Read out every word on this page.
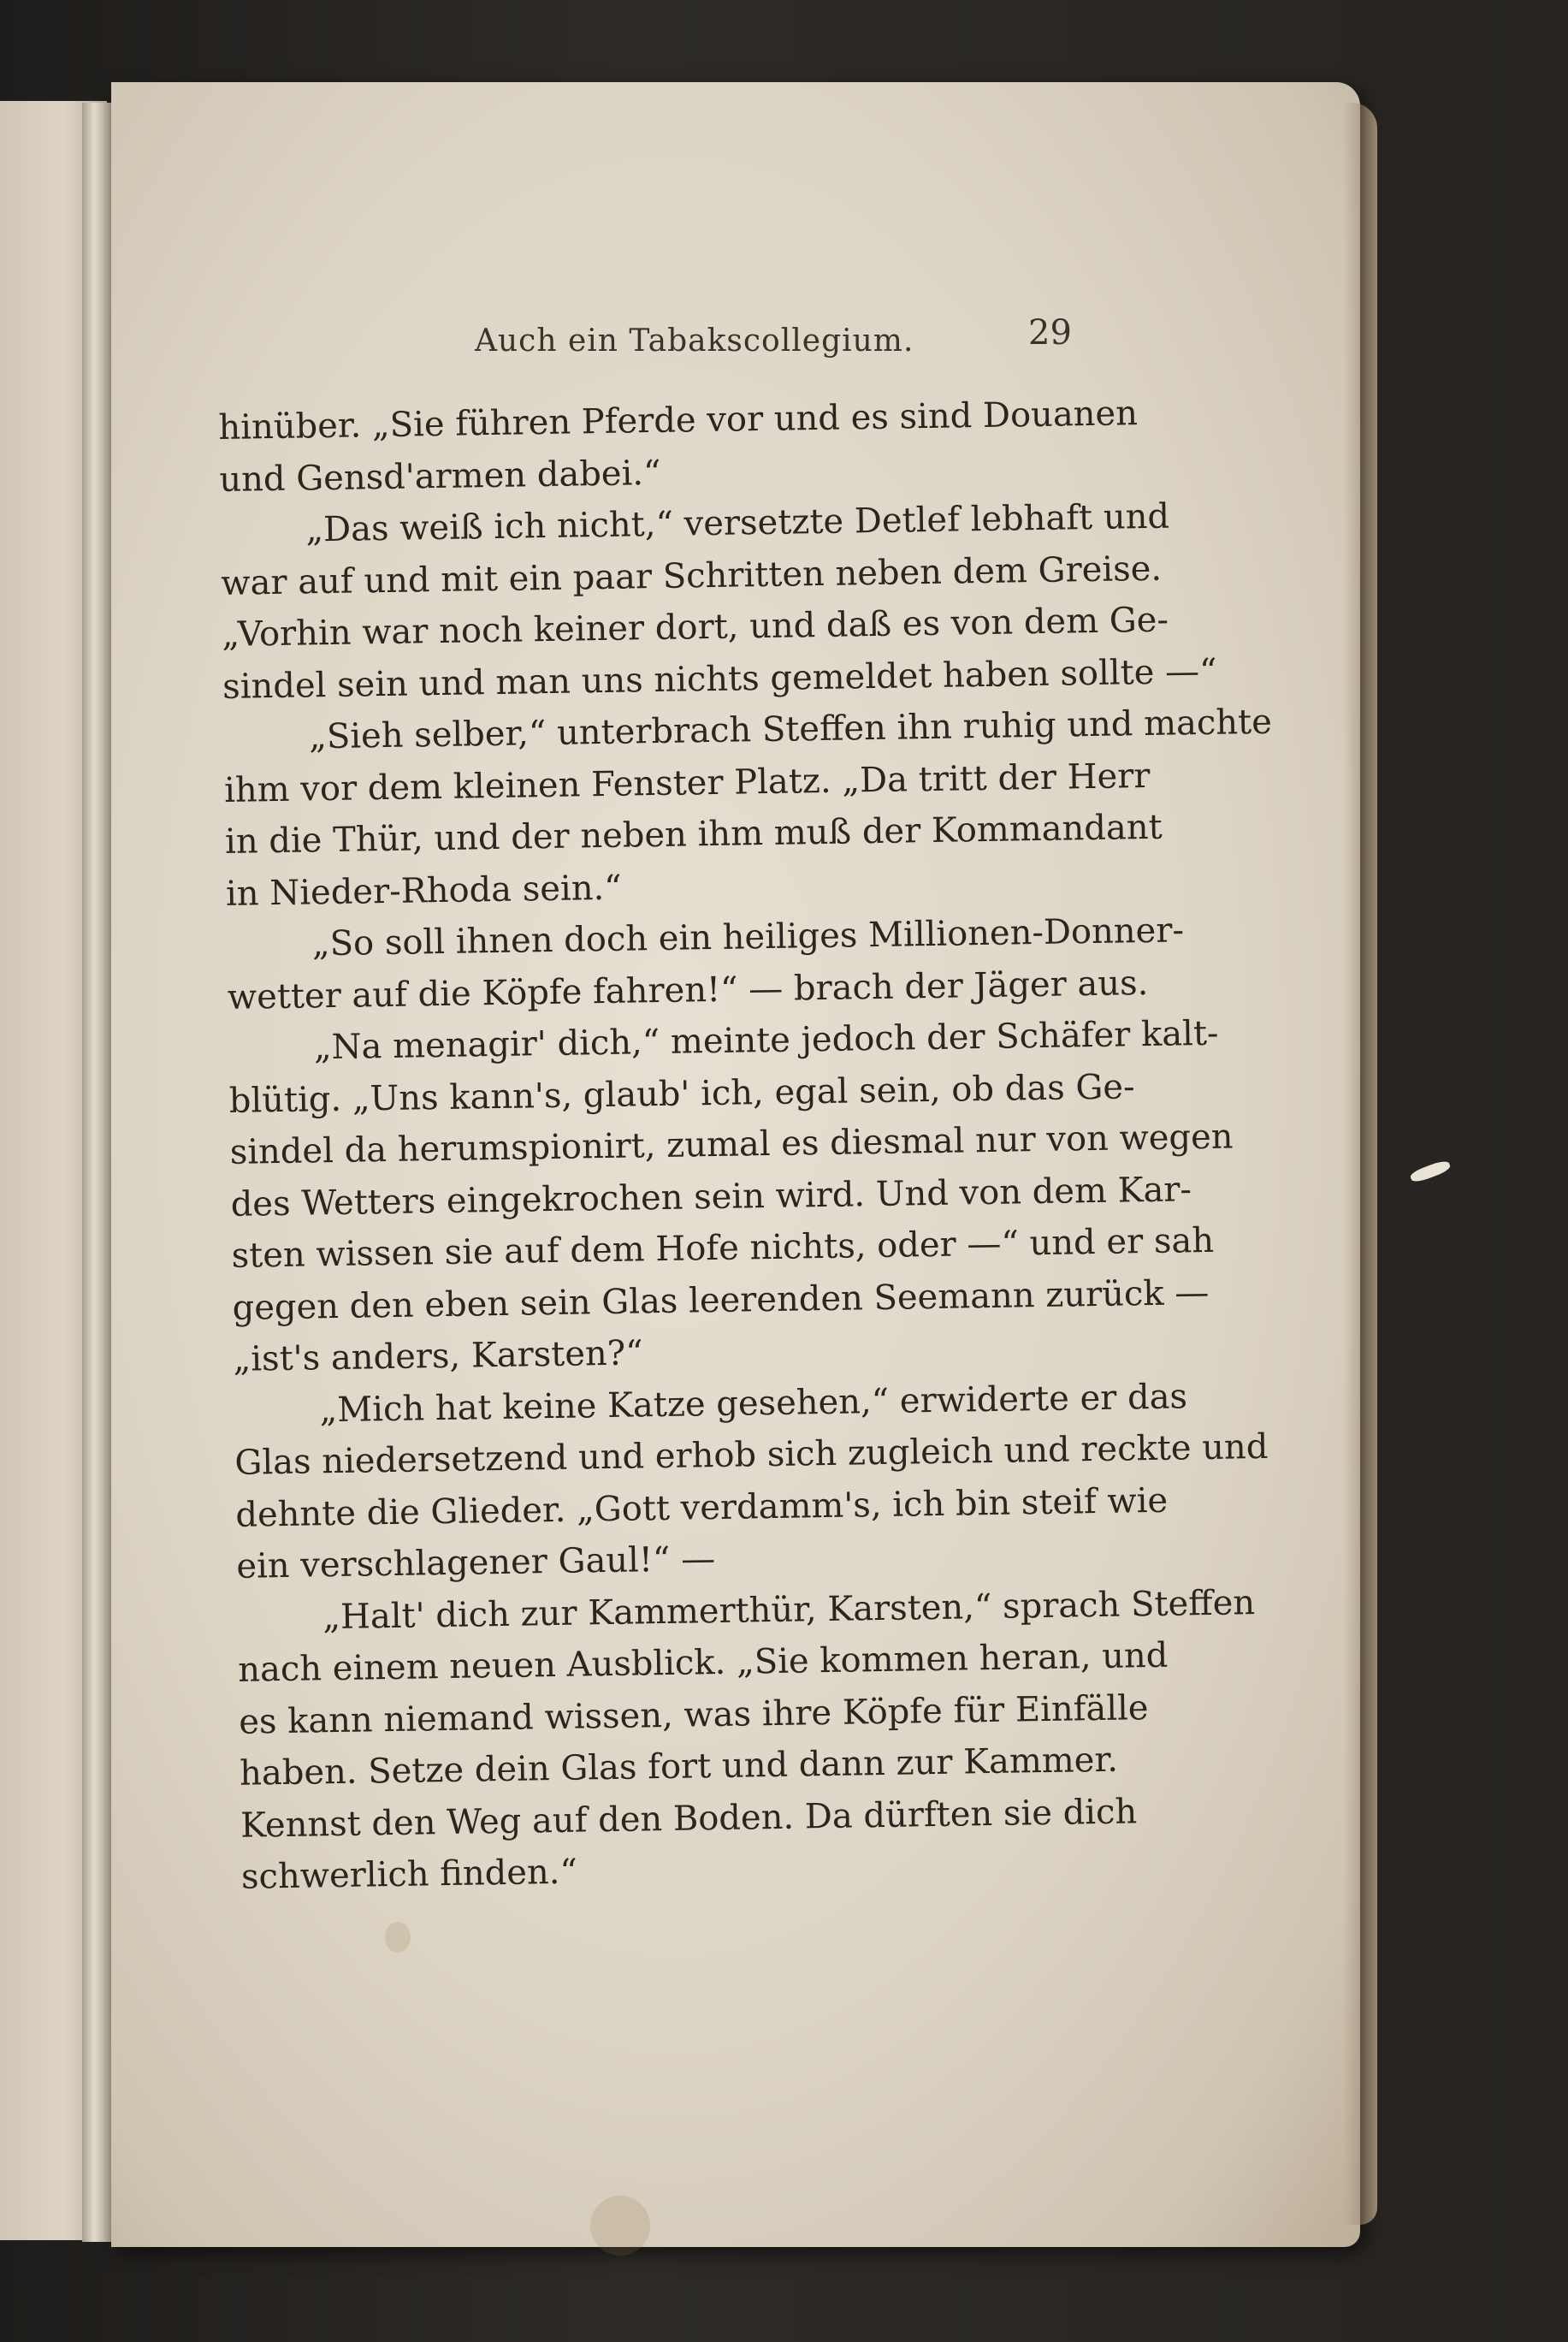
Auch ein Tabakscollegium.	29
hinüber. „Sie führen Pferde vor und es sind Douanen
und Gensd'armen dabei.“
„Das weiß ich nicht,“ versetzte Detlef lebhaft und
war auf und mit ein paar Schritten neben dem Greise.
„Vorhin war noch keiner dort, und daß es von dem Ge-
sindel sein und man uns nichts gemeldet haben sollte —“
„Sieh selber,“ unterbrach Steffen ihn ruhig und machte
ihm vor dem kleinen Fenster Platz. „Da tritt der Herr
in die Thür, und der neben ihm muß der Kommandant
in Nieder-Rhoda sein.“
„So soll ihnen doch ein heiliges Millionen-Donner-
wetter auf die Köpfe fahren!“ — brach der Jäger aus.
„Na menagir' dich,“ meinte jedoch der Schäfer kalt-
blütig. „Uns kann's, glaub' ich, egal sein, ob das Ge-
sindel da herumspionirt, zumal es diesmal nur von wegen
des Wetters eingekrochen sein wird. Und von dem Kar-
sten wissen sie auf dem Hofe nichts, oder —“ und er sah
gegen den eben sein Glas leerenden Seemann zurück —
„ist's anders, Karsten?“
„Mich hat keine Katze gesehen,“ erwiderte er das
Glas niedersetzend und erhob sich zugleich und reckte und
dehnte die Glieder. „Gott verdamm's, ich bin steif wie
ein verschlagener Gaul!“ —
„Halt' dich zur Kammerthür, Karsten,“ sprach Steffen
nach einem neuen Ausblick. „Sie kommen heran, und
es kann niemand wissen, was ihre Köpfe für Einfälle
haben. Setze dein Glas fort und dann zur Kammer.
Kennst den Weg auf den Boden. Da dürften sie dich
schwerlich finden.“
